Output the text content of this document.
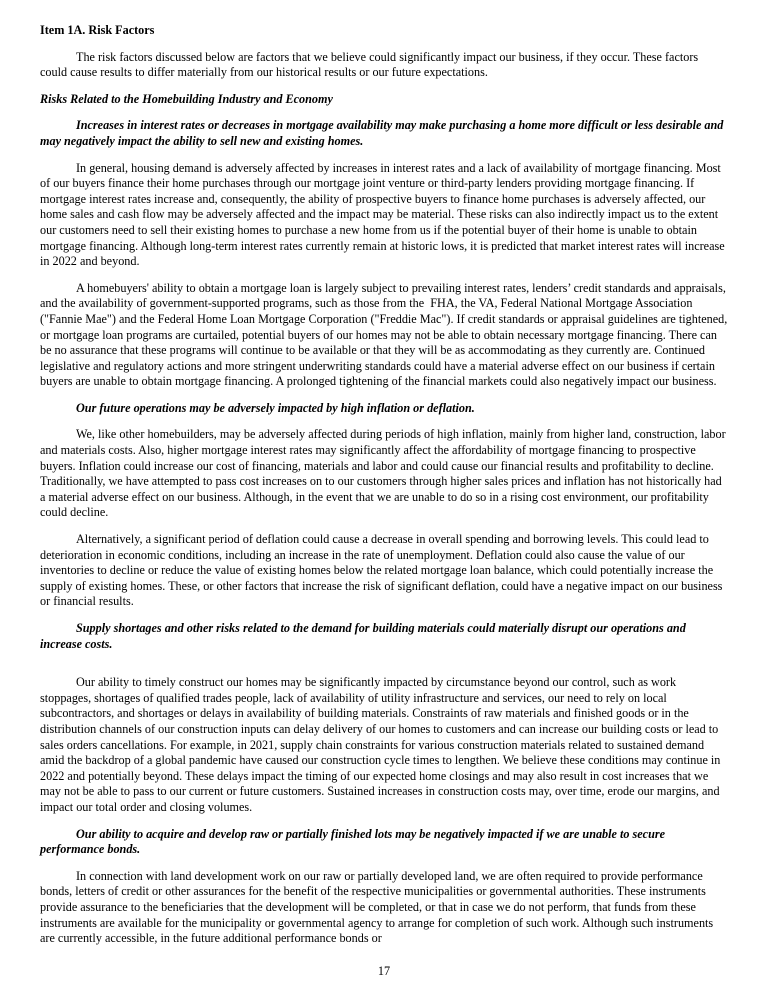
Item 1A. Risk Factors

The risk factors discussed below are factors that we believe could significantly impact our business, if they occur. These factors could cause results to differ materially from our historical results or our future expectations.

Risks Related to the Homebuilding Industry and Economy
Increases in interest rates or decreases in mortgage availability may make purchasing a home more difficult or less desirable and may negatively impact the ability to sell new and existing homes.

In general, housing demand is adversely affected by increases in interest rates and a lack of availability of mortgage financing. Most of our buyers finance their home purchases through our mortgage joint venture or third-party lenders providing mortgage financing. If mortgage interest rates increase and, consequently, the ability of prospective buyers to finance home purchases is adversely affected, our home sales and cash flow may be adversely affected and the impact may be material. These risks can also indirectly impact us to the extent our customers need to sell their existing homes to purchase a new home from us if the potential buyer of their home is unable to obtain mortgage financing. Although long-term interest rates currently remain at historic lows, it is predicted that market interest rates will increase in 2022 and beyond.

A homebuyers' ability to obtain a mortgage loan is largely subject to prevailing interest rates, lenders’ credit standards and appraisals, and the availability of government-supported programs, such as those from the  FHA, the VA, Federal National Mortgage Association ("Fannie Mae") and the Federal Home Loan Mortgage Corporation ("Freddie Mac"). If credit standards or appraisal guidelines are tightened, or mortgage loan programs are curtailed, potential buyers of our homes may not be able to obtain necessary mortgage financing. There can be no assurance that these programs will continue to be available or that they will be as accommodating as they currently are. Continued legislative and regulatory actions and more stringent underwriting standards could have a material adverse effect on our business if certain buyers are unable to obtain mortgage financing. A prolonged tightening of the financial markets could also negatively impact our business.

Our future operations may be adversely impacted by high inflation or deflation.

We, like other homebuilders, may be adversely affected during periods of high inflation, mainly from higher land, construction, labor and materials costs. Also, higher mortgage interest rates may significantly affect the affordability of mortgage financing to prospective buyers. Inflation could increase our cost of financing, materials and labor and could cause our financial results and profitability to decline. Traditionally, we have attempted to pass cost increases on to our customers through higher sales prices and inflation has not historically had a material adverse effect on our business. Although, in the event that we are unable to do so in a rising cost environment, our profitability could decline.

Alternatively, a significant period of deflation could cause a decrease in overall spending and borrowing levels. This could lead to deterioration in economic conditions, including an increase in the rate of unemployment. Deflation could also cause the value of our inventories to decline or reduce the value of existing homes below the related mortgage loan balance, which could potentially increase the supply of existing homes. These, or other factors that increase the risk of significant deflation, could have a negative impact on our business or financial results.

Supply shortages and other risks related to the demand for building materials could materially disrupt our operations and  increase costs.

Our ability to timely construct our homes may be significantly impacted by circumstance beyond our control, such as work stoppages, shortages of qualified trades people, lack of availability of utility infrastructure and services, our need to rely on local subcontractors, and shortages or delays in availability of building materials. Constraints of raw materials and finished goods or in the distribution channels of our construction inputs can delay delivery of our homes to customers and can increase our building costs or lead to sales orders cancellations. For example, in 2021, supply chain constraints for various construction materials related to sustained demand amid the backdrop of a global pandemic have caused our construction cycle times to lengthen. We believe these conditions may continue in 2022 and potentially beyond. These delays impact the timing of our expected home closings and may also result in cost increases that we may not be able to pass to our current or future customers. Sustained increases in construction costs may, over time, erode our margins, and impact our total order and closing volumes.

Our ability to acquire and develop raw or partially finished lots may be negatively impacted if we are unable to secure performance bonds.

In connection with land development work on our raw or partially developed land, we are often required to provide performance bonds, letters of credit or other assurances for the benefit of the respective municipalities or governmental authorities. These instruments provide assurance to the beneficiaries that the development will be completed, or that in case we do not perform, that funds from these instruments are available for the municipality or governmental agency to arrange for completion of such work. Although such instruments are currently accessible, in the future additional performance bonds or

17
